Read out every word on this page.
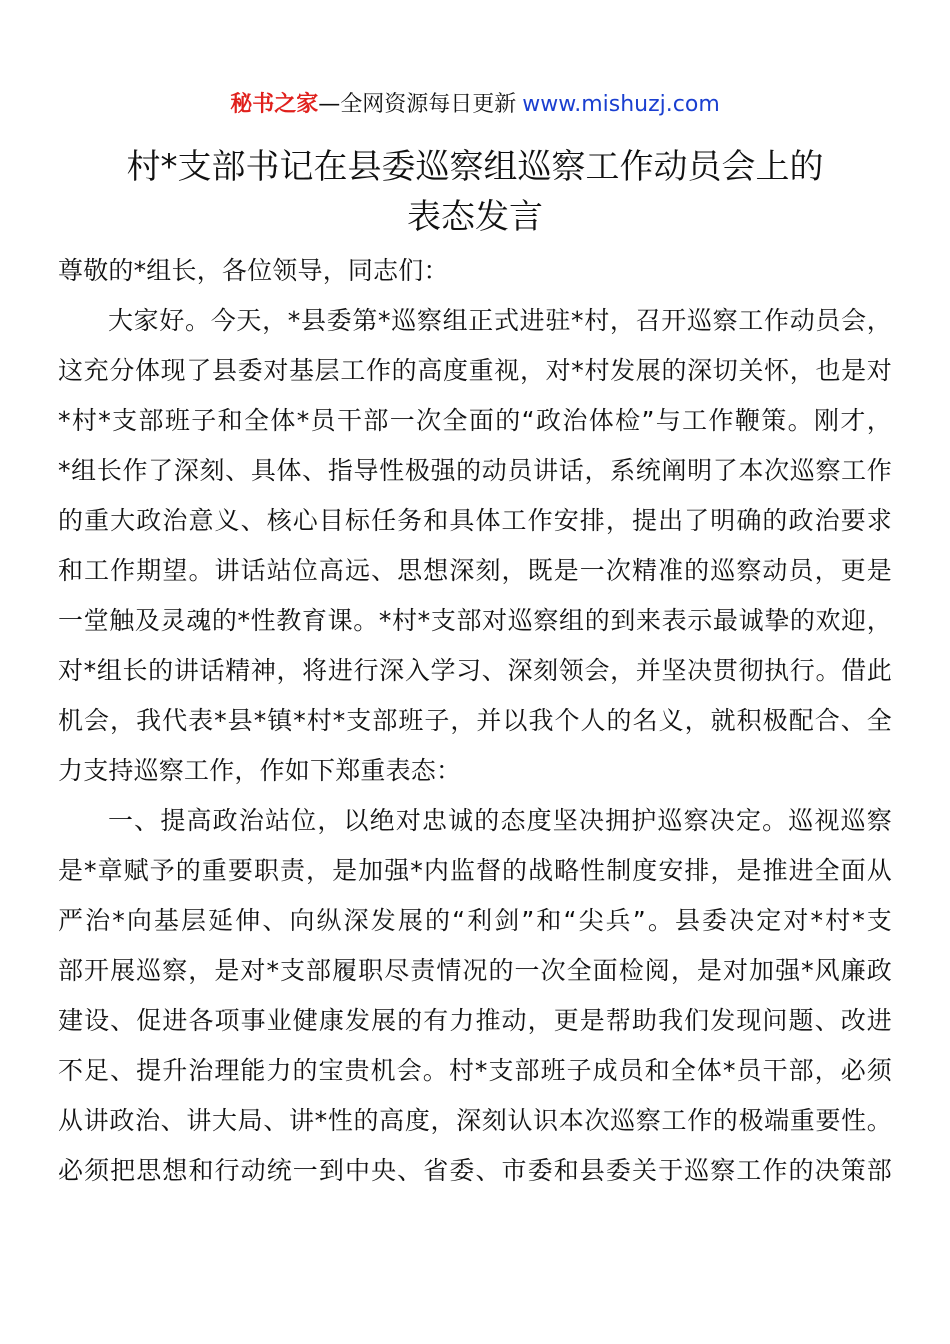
秘书之家—全网资源每日更新 www.mishuzj.com
村*支部书记在县委巡察组巡察工作动员会上的
表态发言
尊敬的*组长，各位领导，同志们：
大家好。今天，*县委第*巡察组正式进驻*村，召开巡察工作动员会，
这充分体现了县委对基层工作的高度重视，对*村发展的深切关怀，也是对
*村*支部班子和全体*员干部一次全面的“政治体检”与工作鞭策。刚才，
*组长作了深刻、具体、指导性极强的动员讲话，系统阐明了本次巡察工作
的重大政治意义、核心目标任务和具体工作安排，提出了明确的政治要求
和工作期望。讲话站位高远、思想深刻，既是一次精准的巡察动员，更是
一堂触及灵魂的*性教育课。*村*支部对巡察组的到来表示最诚挚的欢迎，
对*组长的讲话精神，将进行深入学习、深刻领会，并坚决贯彻执行。借此
机会，我代表*县*镇*村*支部班子，并以我个人的名义，就积极配合、全
力支持巡察工作，作如下郑重表态：
一、提高政治站位，以绝对忠诚的态度坚决拥护巡察决定。巡视巡察
是*章赋予的重要职责，是加强*内监督的战略性制度安排，是推进全面从
严治*向基层延伸、向纵深发展的“利剑”和“尖兵”。县委决定对*村*支
部开展巡察，是对*支部履职尽责情况的一次全面检阅，是对加强*风廉政
建设、促进各项事业健康发展的有力推动，更是帮助我们发现问题、改进
不足、提升治理能力的宝贵机会。村*支部班子成员和全体*员干部，必须
从讲政治、讲大局、讲*性的高度，深刻认识本次巡察工作的极端重要性。
必须把思想和行动统一到中央、省委、市委和县委关于巡察工作的决策部
